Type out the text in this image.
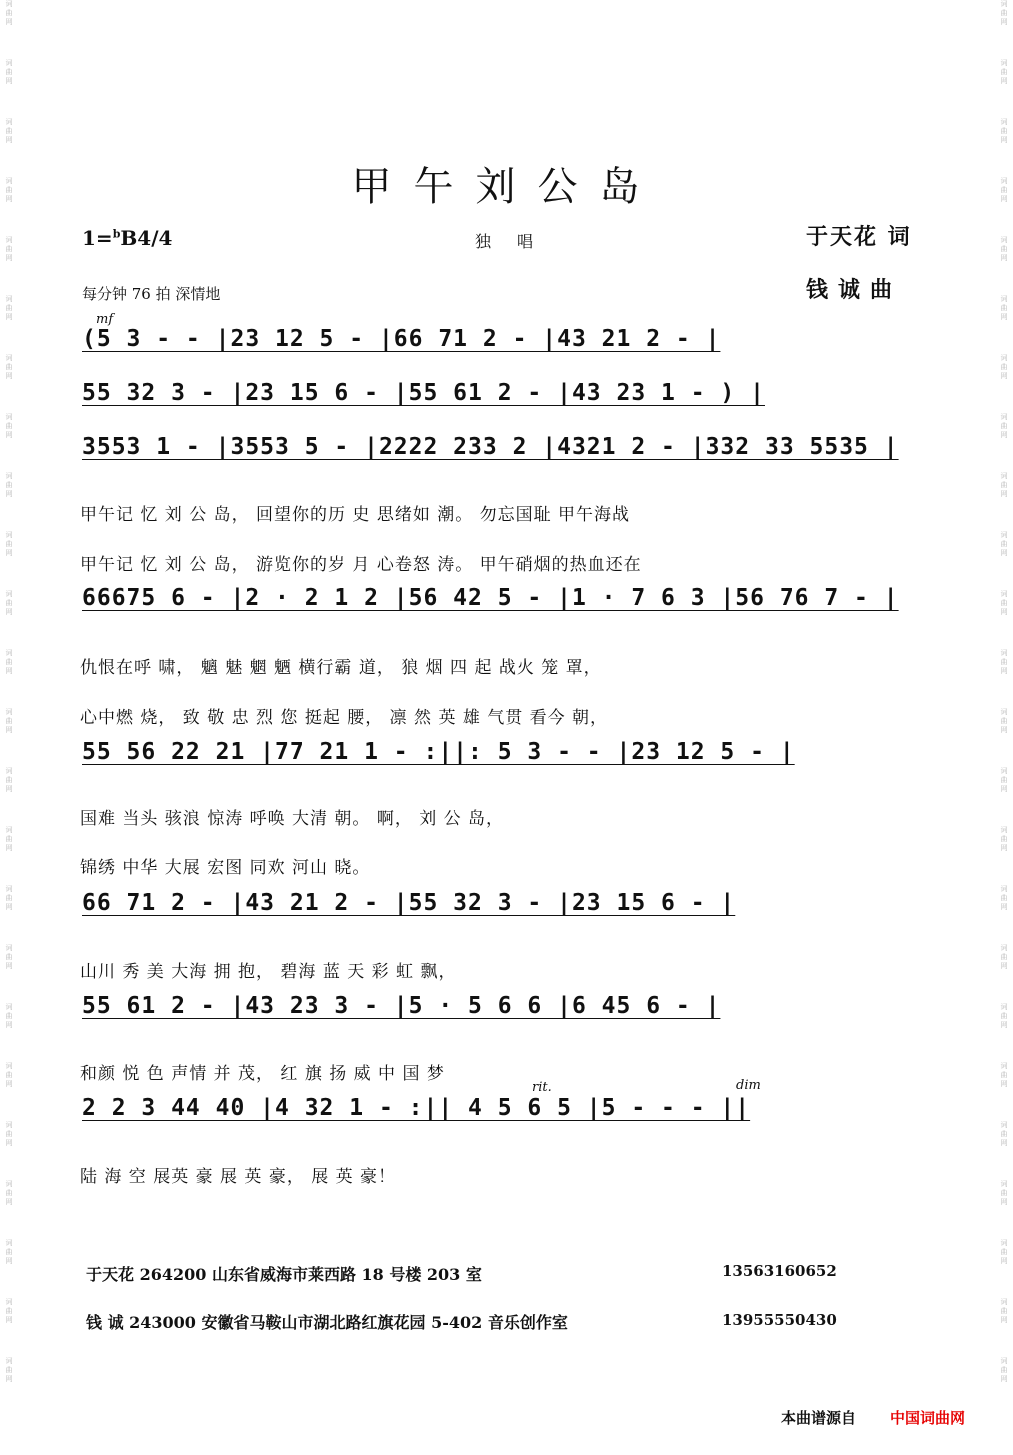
词
曲
网
词
曲
网
词
曲
网
词
曲
网
词
曲
网
词
曲
网
词
曲
网
词
曲
网
词
曲
网
词
曲
网
词
曲
网
词
曲
网
词
曲
网
词
曲
网
词
曲
网
词
曲
网
词
曲
网
词
曲
网
词
曲
网
词
曲
网
词
曲
网
词
曲
网
词
曲
网
词
曲
网
词
曲
网
词
曲
网
词
曲
网
词
曲
网
词
曲
网
词
曲
网
词
曲
网
词
曲
网
词
曲
网
词
曲
网
词
曲
网
词
曲
网
词
曲
网
词
曲
网
词
曲
网
词
曲
网
词
曲
网
词
曲
网
词
曲
网
词
曲
网
词
曲
网
词
曲
网
词
曲
网
词
曲
网
甲午刘公岛
1=$^b$B4/4	独唱	于天花 词
钱诚曲
每分钟 76 拍 深情地
mf
(5 3 - - |23 12 5 - |66 71 2 - |43 21 2 - |
55 32 3 - |23 15 6 - |55 61 2 - |43 23 1 - ) |
3553 1 - |3553 5 - |2222 233 2 |4321 2 - |332 33 5535 |
甲午记 忆 刘 公 岛， 回望你的历 史 思绪如 潮。 勿忘国耻 甲午海战
甲午记 忆 刘 公 岛， 游览你的岁 月 心卷怒 涛。 甲午硝烟的热血还在
66675 6 - |2 · 2 1 2 |56 42 5 - |1 · 7 6 3 |56 76 7 - |
仇恨在呼 啸， 魑 魅 魍 魉 横行霸 道， 狼 烟 四 起 战火 笼 罩，
心中燃 烧， 致 敬 忠 烈 您 挺起 腰， 凛 然 英 雄 气贯 看今 朝，
55 56 22 21 |77 21 1 - :||: 5 3 - - |23 12 5 - |
国难 当头 骇浪 惊涛 呼唤 大清 朝。 啊， 刘 公 岛，
锦绣 中华 大展 宏图 同欢 河山 晓。
66 71 2 - |43 21 2 - |55 32 3 - |23 15 6 - |
山川 秀 美 大海 拥 抱， 碧海 蓝 天 彩 虹 飘，
55 61 2 - |43 23 3 - |5 · 5 6 6 |6 45 6 - |
和颜 悦 色 声情 并 茂， 红 旗 扬 威 中 国 梦
rit.	dim
2 2 3 44 40 |4 32 1 - :|| 4 5 6 5 |5 - - - ||
陆 海 空 展英 豪 展 英 豪， 展 英 豪！
于天花 264200 山东省威海市莱西路 18 号楼 203 室	13563160652
钱 诚 243000 安徽省马鞍山市湖北路红旗花园 5-402 音乐创作室	13955550430
本曲谱源自 中国词曲网
